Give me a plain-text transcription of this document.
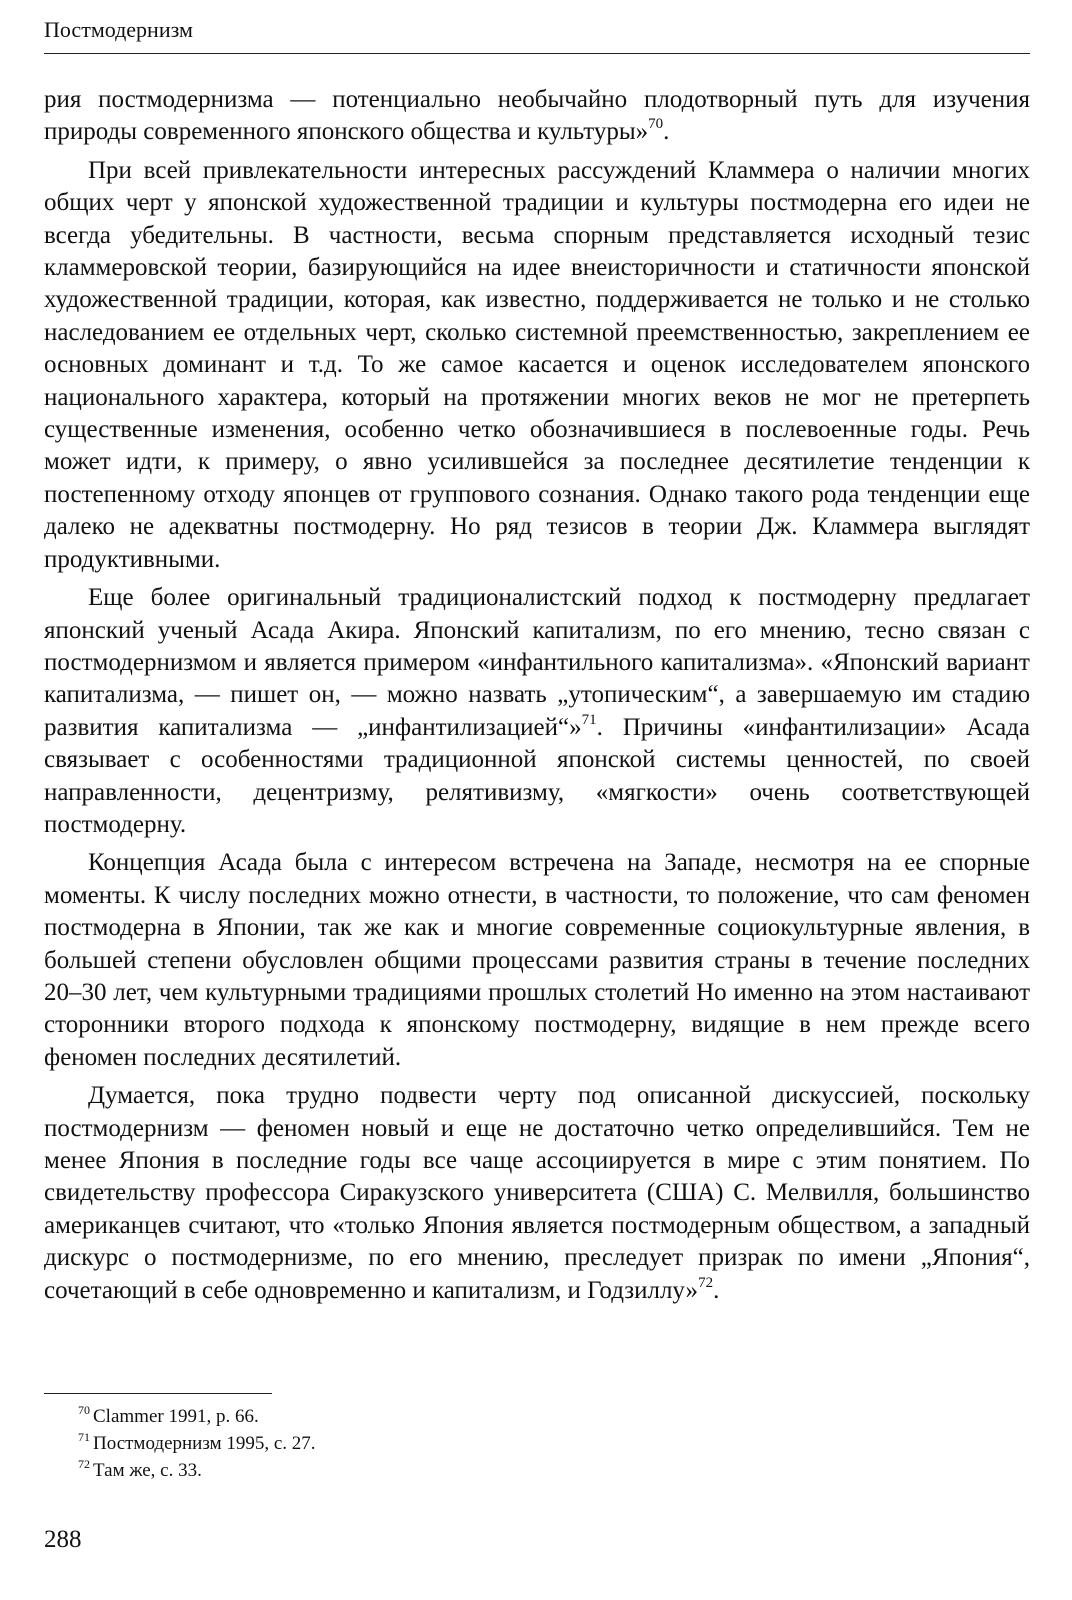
Постмодернизм

рия постмодернизма — потенциально необычайно плодотворный путь для изучения природы современного японского общества и культуры»$^{70}$.

При всей привлекательности интересных рассуждений Кламмера о наличии многих общих черт у японской художественной традиции и культуры постмодерна его идеи не всегда убедительны. В частности, весьма спорным представляется исходный тезис кламмеровской теории, базирующийся на идее внеисторичности и статичности японской художественной традиции, которая, как известно, поддерживается не только и не столько наследованием ее отдельных черт, сколько системной преемственностью, закреплением ее основных доминант и т.д. То же самое касается и оценок исследователем японского национального характера, который на протяжении многих веков не мог не претерпеть существенные изменения, особенно четко обозначившиеся в послевоенные годы. Речь может идти, к примеру, о явно усилившейся за последнее десятилетие тенденции к постепенному отходу японцев от группового сознания. Однако такого рода тенденции еще далеко не адекватны постмодерну. Но ряд тезисов в теории Дж. Кламмера выглядят продуктивными.

Еще более оригинальный традиционалистский подход к постмодерну предлагает японский ученый Асада Акира. Японский капитализм, по его мнению, тесно связан с постмодернизмом и является примером «инфантильного капитализма». «Японский вариант капитализма, — пишет он, — можно назвать „утопическим“, а завершаемую им стадию развития капитализма — „инфантилизацией“»$^{71}$. Причины «инфантилизации» Асада связывает с особенностями традиционной японской системы ценностей, по своей направленности, децентризму, релятивизму, «мягкости» очень соответствующей постмодерну.

Концепция Асада была с интересом встречена на Западе, несмотря на ее спорные моменты. К числу последних можно отнести, в частности, то положение, что сам феномен постмодерна в Японии, так же как и многие современные социокультурные явления, в большей степени обусловлен общими процессами развития страны в течение последних 20–30 лет, чем культурными традициями прошлых столетий Но именно на этом настаивают сторонники второго подхода к японскому постмодерну, видящие в нем прежде всего феномен последних десятилетий.

Думается, пока трудно подвести черту под описанной дискуссией, поскольку постмодернизм — феномен новый и еще не достаточно четко определившийся. Тем не менее Япония в последние годы все чаще ассоциируется в мире с этим понятием. По свидетельству профессора Сиракузского университета (США) С. Мелвилля, большинство американцев считают, что «только Япония является постмодерным обществом, а западный дискурс о постмодернизме, по его мнению, преследует призрак по имени „Япония“, сочетающий в себе одновременно и капитализм, и Годзиллу»$^{72}$.

$^{70}$ Clammer 1991, p. 66.
$^{71}$ Постмодернизм 1995, с. 27.
$^{72}$ Там же, с. 33.
288
